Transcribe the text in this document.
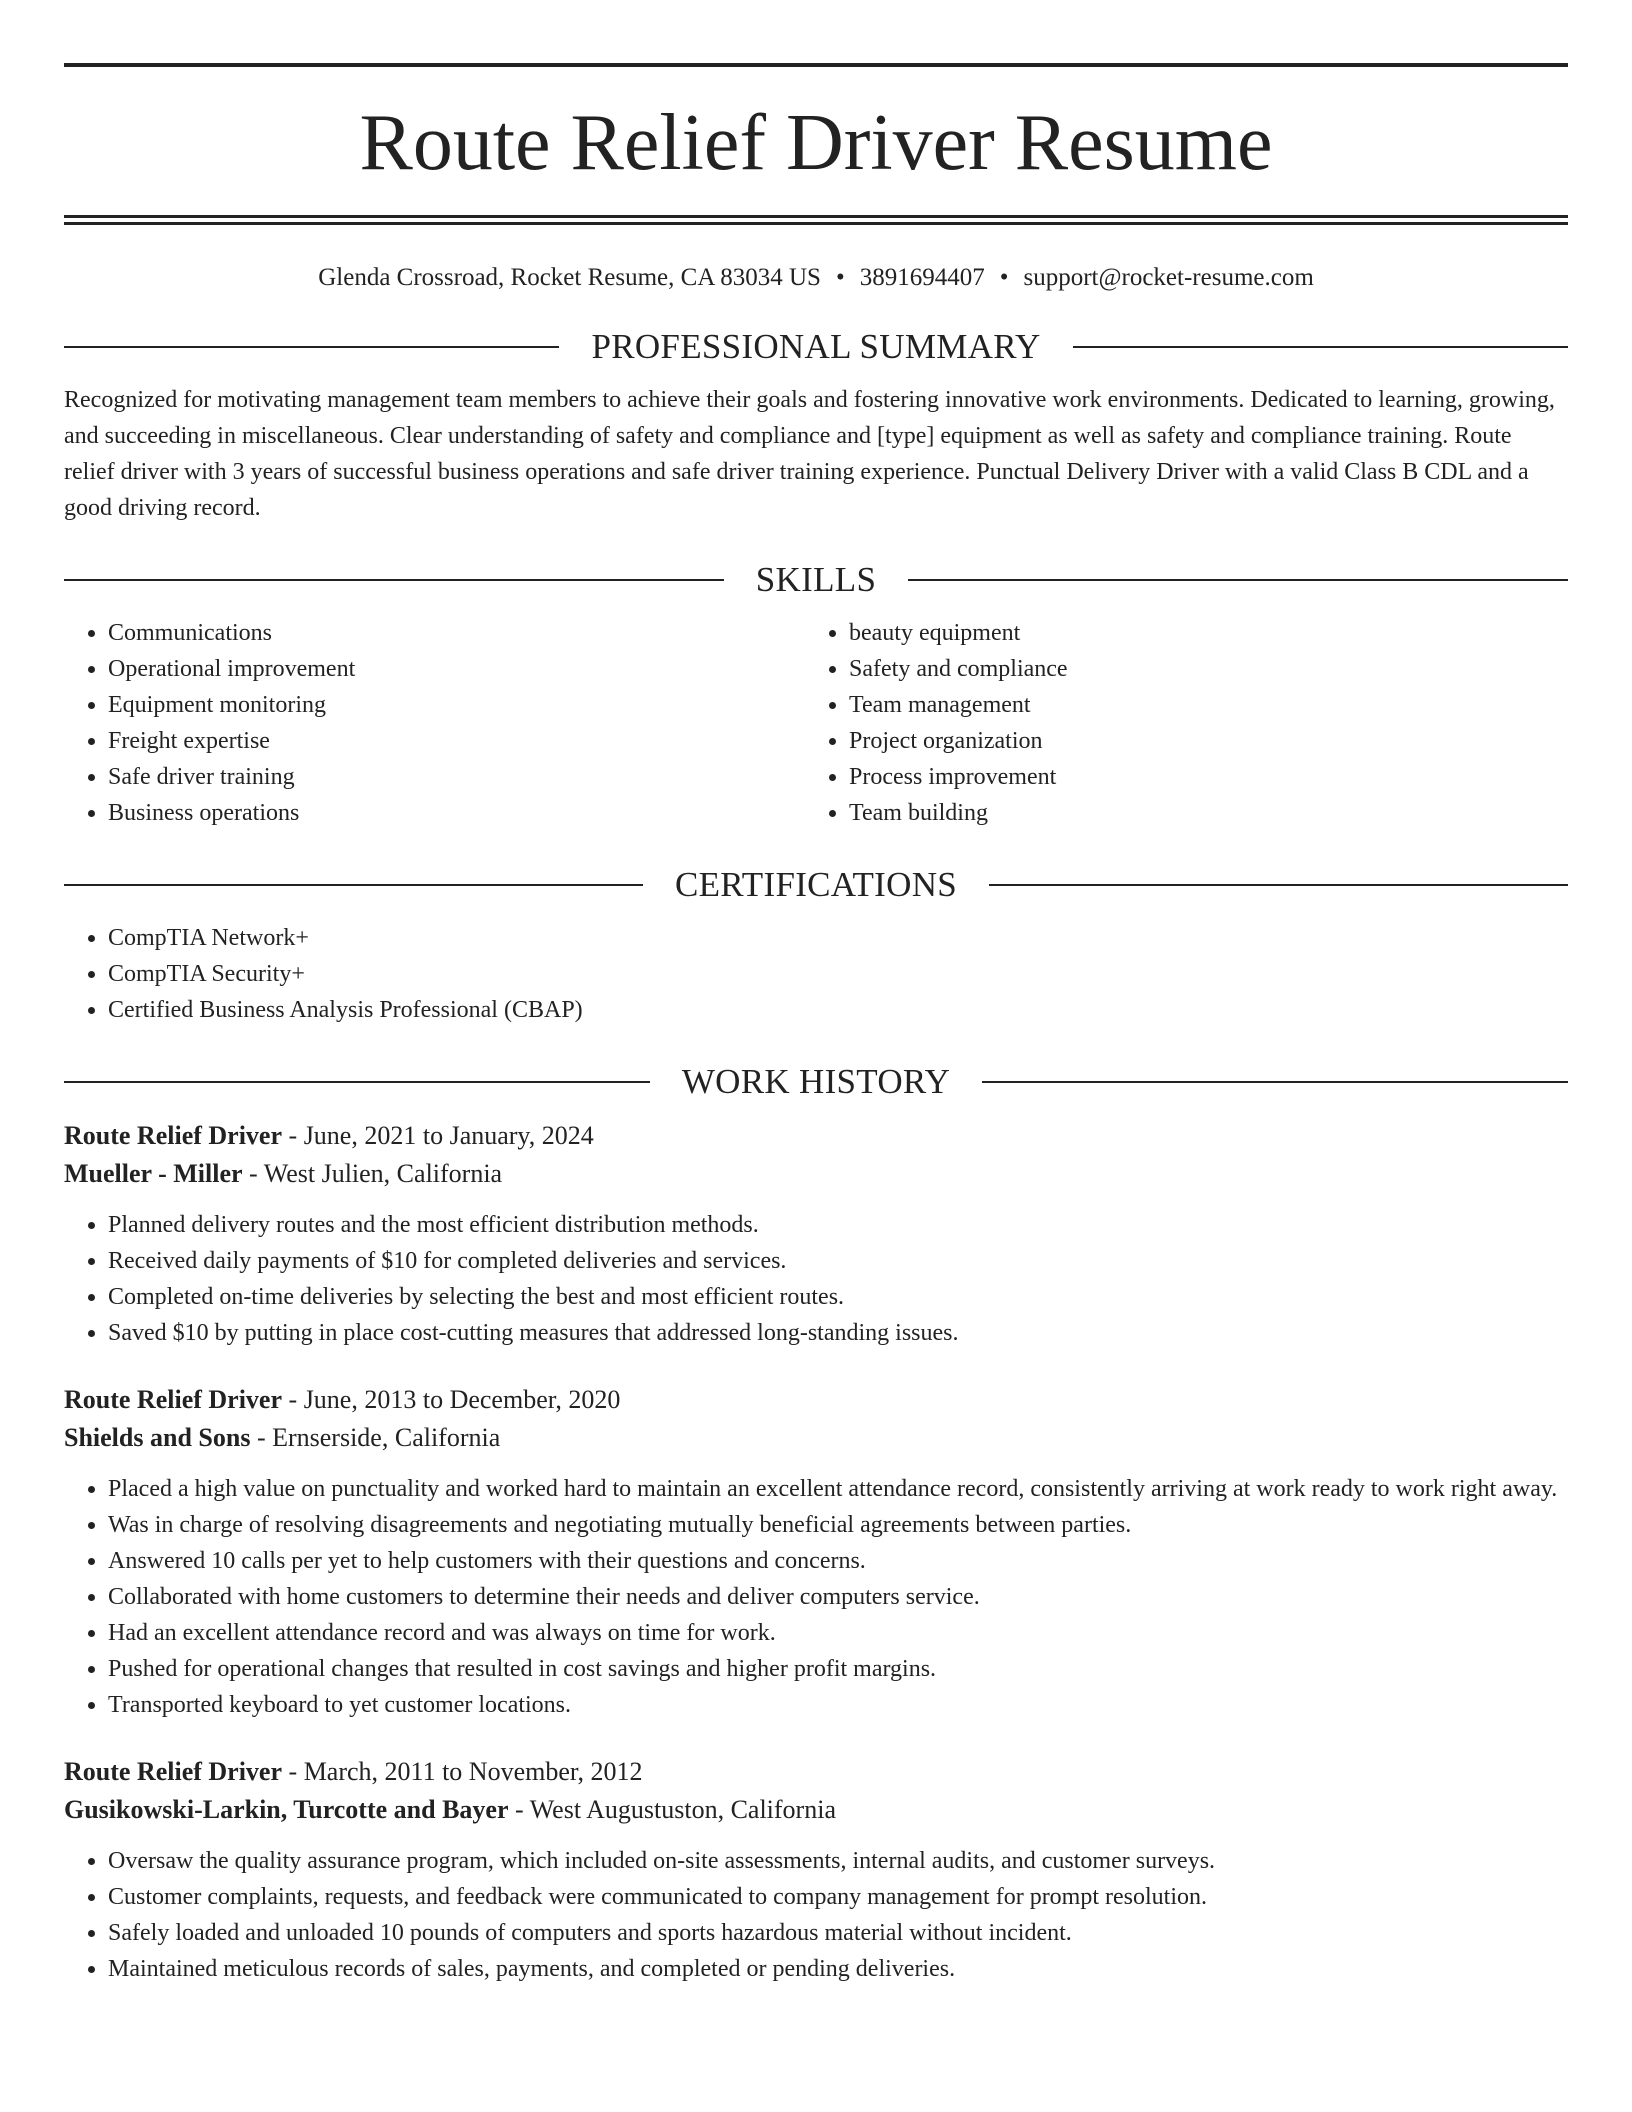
Route Relief Driver Resume
Glenda Crossroad, Rocket Resume, CA 83034 US • 3891694407 • support@rocket-resume.com
PROFESSIONAL SUMMARY

Recognized for motivating management team members to achieve their goals and fostering innovative work environments. Dedicated to learning, growing, and succeeding in miscellaneous. Clear understanding of safety and compliance and [type] equipment as well as safety and compliance training. Route relief driver with 3 years of successful business operations and safe driver training experience. Punctual Delivery Driver with a valid Class B CDL and a good driving record.

SKILLS
• Communications
• Operational improvement
• Equipment monitoring
• Freight expertise
• Safe driver training
• Business operations
• beauty equipment
• Safety and compliance
• Team management
• Project organization
• Process improvement
• Team building
CERTIFICATIONS
• CompTIA Network+
• CompTIA Security+
• Certified Business Analysis Professional (CBAP)
WORK HISTORY
Route Relief Driver - June, 2021 to January, 2024
Mueller - Miller - West Julien, California
• Planned delivery routes and the most efficient distribution methods.
• Received daily payments of $10 for completed deliveries and services.
• Completed on-time deliveries by selecting the best and most efficient routes.
• Saved $10 by putting in place cost-cutting measures that addressed long-standing issues.
Route Relief Driver - June, 2013 to December, 2020
Shields and Sons - Ernserside, California
• Placed a high value on punctuality and worked hard to maintain an excellent attendance record, consistently arriving at work ready to work right away.
• Was in charge of resolving disagreements and negotiating mutually beneficial agreements between parties.
• Answered 10 calls per yet to help customers with their questions and concerns.
• Collaborated with home customers to determine their needs and deliver computers service.
• Had an excellent attendance record and was always on time for work.
• Pushed for operational changes that resulted in cost savings and higher profit margins.
• Transported keyboard to yet customer locations.
Route Relief Driver - March, 2011 to November, 2012
Gusikowski-Larkin, Turcotte and Bayer - West Augustuston, California
• Oversaw the quality assurance program, which included on-site assessments, internal audits, and customer surveys.
• Customer complaints, requests, and feedback were communicated to company management for prompt resolution.
• Safely loaded and unloaded 10 pounds of computers and sports hazardous material without incident.
• Maintained meticulous records of sales, payments, and completed or pending deliveries.
